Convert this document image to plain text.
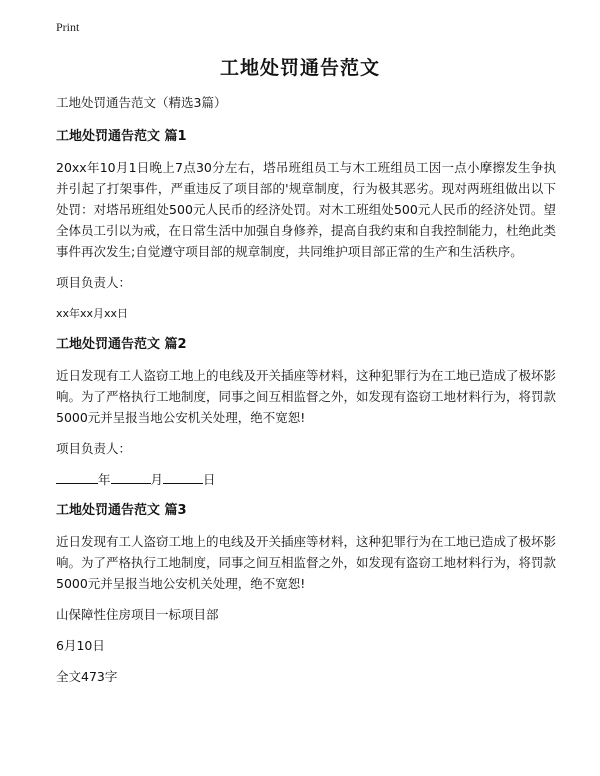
Print
工地处罚通告范文

工地处罚通告范文（精选3篇）

工地处罚通告范文 篇1

20xx年10月1日晚上7点30分左右，塔吊班组员工与木工班组员工因一点小摩擦发生争执并引起了打架事件，严重违反了项目部的'规章制度，行为极其恶劣。现对两班组做出以下处罚：对塔吊班组处500元人民币的经济处罚。对木工班组处500元人民币的经济处罚。望全体员工引以为戒，在日常生活中加强自身修养，提高自我约束和自我控制能力，杜绝此类事件再次发生;自觉遵守项目部的规章制度，共同维护项目部正常的生产和生活秩序。

项目负责人：

xx年xx月xx日

工地处罚通告范文 篇2

近日发现有工人盗窃工地上的电线及开关插座等材料，这种犯罪行为在工地已造成了极坏影响。为了严格执行工地制度，同事之间互相监督之外，如发现有盗窃工地材料行为，将罚款5000元并呈报当地公安机关处理，绝不宽恕!

项目负责人：

年	月	日

工地处罚通告范文 篇3

近日发现有工人盗窃工地上的电线及开关插座等材料，这种犯罪行为在工地已造成了极坏影响。为了严格执行工地制度，同事之间互相监督之外，如发现有盗窃工地材料行为，将罚款5000元并呈报当地公安机关处理，绝不宽恕!

山保障性住房项目一标项目部

6月10日

全文473字
